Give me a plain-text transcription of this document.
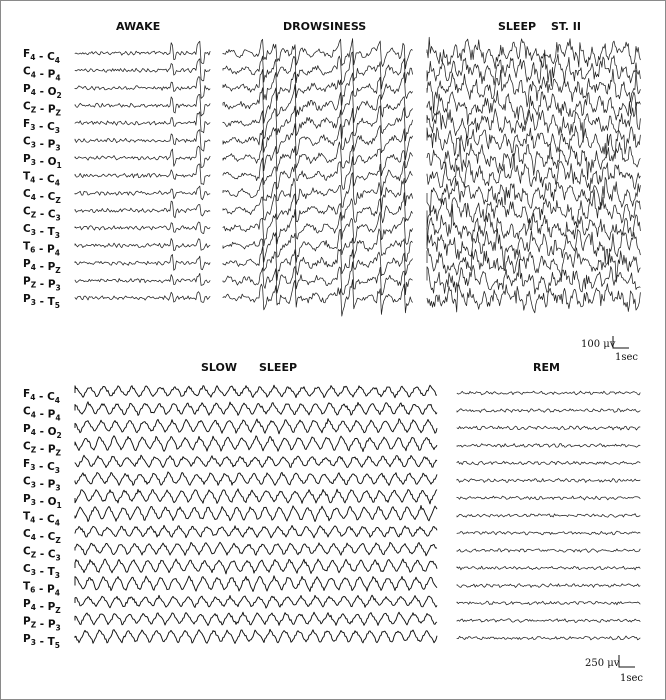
AWAKE	DROWSINESS	SLEEP ST. II
SLOW SLEEP	REM
$F_4 - C_4$
$C_4 - P_4$
$P_4 - O_2$
$C_Z - P_Z$
$F_3 - C_3$
$C_3 - P_3$
$P_3 - O_1$
$T_4 - C_4$
$C_4 - C_Z$
$C_Z - C_3$
$C_3 - T_3$
$T_6 - P_4$
$P_4 - P_Z$
$P_Z - P_3$
$P_3 - T_5$
$F_4 - C_4$
$C_4 - P_4$
$P_4 - O_2$
$C_Z - P_Z$
$F_3 - C_3$
$C_3 - P_3$
$P_3 - O_1$
$T_4 - C_4$
$C_4 - C_Z$
$C_Z - C_3$
$C_3 - T_3$
$T_6 - P_4$
$P_4 - P_Z$
$P_Z - P_3$
$P_3 - T_5$
100 μv
1sec
250 μv
1sec
